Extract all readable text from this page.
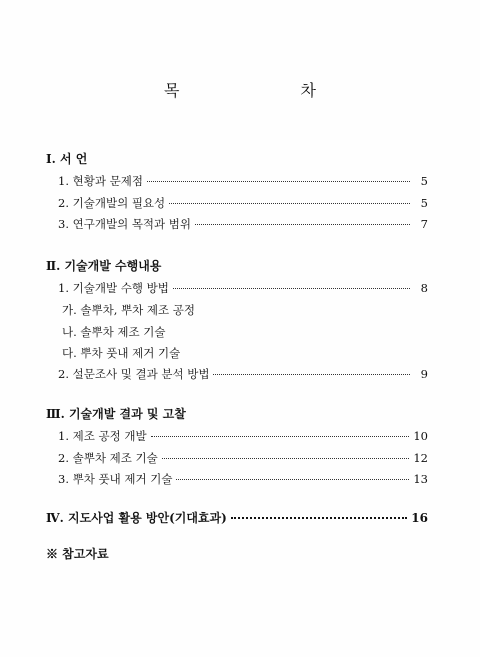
목 차
Ⅰ. 서 언
1. 현황과 문제점	5
2. 기술개발의 필요성	5
3. 연구개발의 목적과 범위	7
Ⅱ. 기술개발 수행내용
1. 기술개발 수행 방법	8
가. 솔뿌차, 뿌차 제조 공정
나. 솔뿌차 제조 기술
다. 뿌차 풋내 제거 기술
2. 설문조사 및 결과 분석 방법	9
Ⅲ. 기술개발 결과 및 고찰
1. 제조 공정 개발	10
2. 솔뿌차 제조 기술	12
3. 뿌차 풋내 제거 기술	13
Ⅳ. 지도사업 활용 방안(기대효과)	16
※ 참고자료
